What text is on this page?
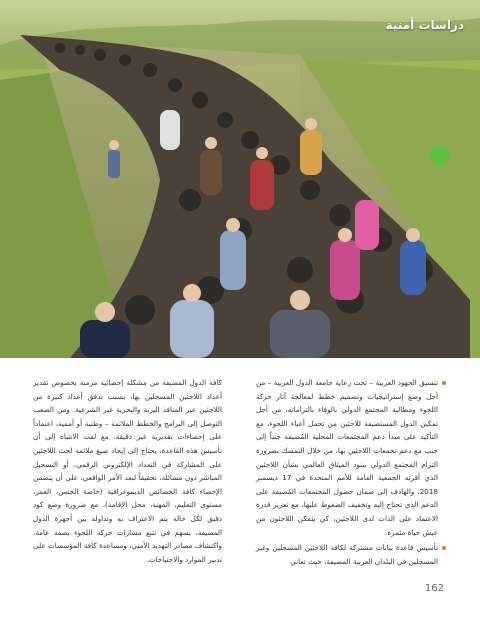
دراسات أمنية

تنسيق الجهود العربية – تحت رعاية جامعة الدول العربية – من أجل وضع إستراتيجيات وتصميم خطط لمعالجة آثار حركة اللجوء ومطالبة المجتمع الدولي بالوفاء بالتزاماته، من أجل تمكين الدول المستضيفة للاجئين من تحمل أعباء اللجوء، مع التأكيد على مبدأ دعم المجتمعات المحلية المُضيفة جنباً إلى جنب مع دعم تجمعات اللاجئين بها، من خلال التمسك بضرورة التزام المجتمع الدولي ببنود الميثاق العالمي بشأن اللاجئين الذي أقرته الجمعية العامة للأمم المتحدة في 17 ديسمبر 2018، والهادف إلى ضمان حصول المجتمعات المُضيفة على الدعم الذي تحتاج إليه وتخفيف الضغوط عليها، مع تعزيز قدرة الاعتماد على الذات لدى اللاجئين، كي يتمكن اللاجئون من عيش حياة مثمرة.

تأسيس قاعدة بيانات مشتركة لكافة اللاجئين المسجلين وغير المسجلين في البلدان العربية المضيفة، حيث تعاني

كافة الدول المضيفة من مشكلة إحصائية مزمنة بخصوص تقدير أعداد اللاجئين المسجلين بها، بسبب تدفق أعداد كبيرة من اللاجئين عبر المنافذ البرية والبحرية غير الشرعية. ومن الصعب التوصل إلى البرامج والخطط الملائمة – وطنية أو أممية، اعتماداً على إحصاءات تقديرية غير دقيقة. مع لفت الانتباه إلى أن تأسيس هذه القاعدة، يحتاج إلى إيجاد صيغ ملائمة لحث اللاجئين على المشاركة في التعداد الإلكتروني الرقمي، أو التسجيل المباشر دون مسائلة، تحقيقاً لبعد الأمر الواقعي، على أن يتضمن الإحصاء كافة الخصائص الديموغرافية (خاصة الجنس، العمر، مستوى التعليم، المهنة، محل الإقامة)، مع ضرورة وضع كود دقيق لكل حالة يتم الاعتراف به وتداوله بين أجهزة الدول المضيفة، يسهم في تتبع مسارات حركة اللجوء بصفة عامة، واكتشاف مصادر التهديد الأمني، ومساعدة كافة المؤسسات على تدبير الموارد والاحتياجات.

162
